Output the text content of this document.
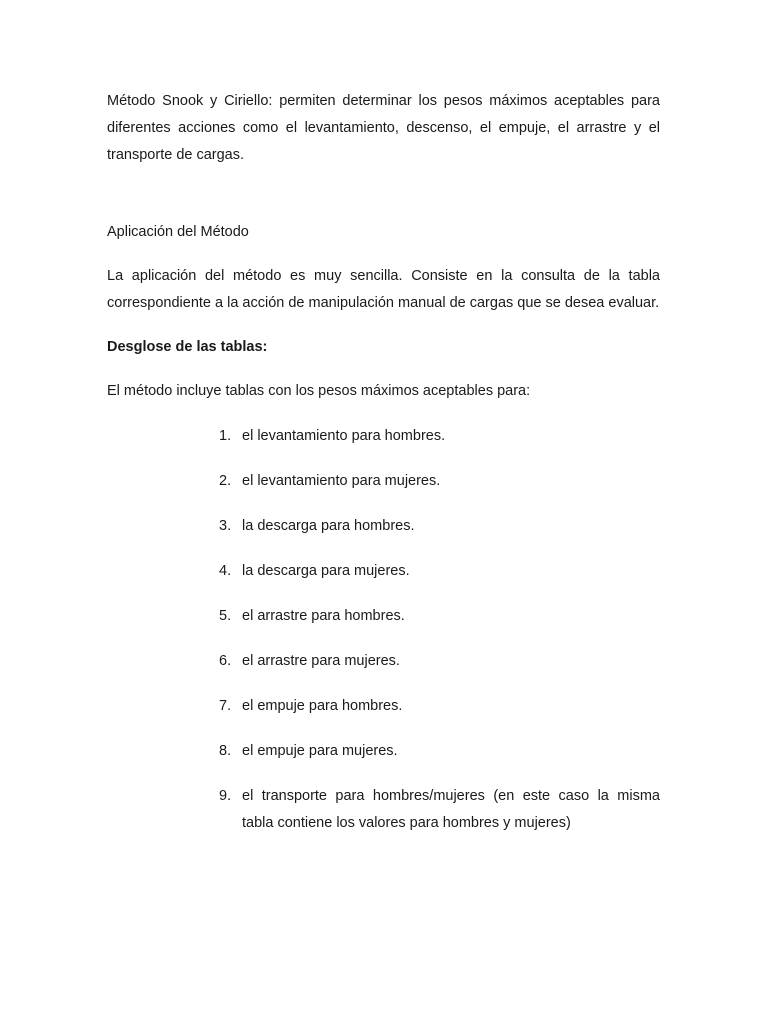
Método Snook y Ciriello: permiten determinar los pesos máximos aceptables para diferentes acciones como el levantamiento, descenso, el empuje, el arrastre y el transporte de cargas.

Aplicación del Método

La aplicación del método es muy sencilla. Consiste en la consulta de la tabla correspondiente a la acción de manipulación manual de cargas que se desea evaluar.

Desglose de las tablas:

El método incluye tablas con los pesos máximos aceptables para:

1. el levantamiento para hombres.
2. el levantamiento para mujeres.
3. la descarga para hombres.
4. la descarga para mujeres.
5. el arrastre para hombres.
6. el arrastre para mujeres.
7. el empuje para hombres.
8. el empuje para mujeres.
9. el transporte para hombres/mujeres (en este caso la misma tabla contiene los valores para hombres y mujeres)
